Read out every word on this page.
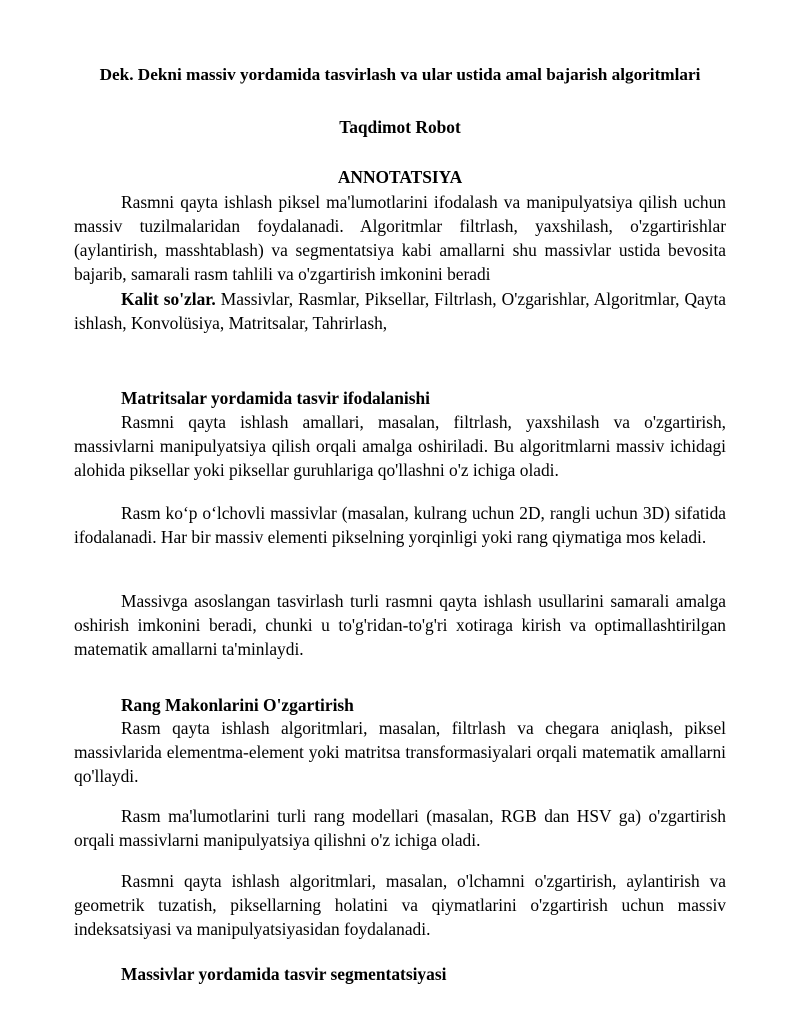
Dek. Dekni massiv yordamida tasvirlash va ular ustida amal bajarish algoritmlari
Taqdimot Robot
ANNOTATSIYA

Rasmni qayta ishlash piksel ma'lumotlarini ifodalash va manipulyatsiya qilish uchun massiv tuzilmalaridan foydalanadi. Algoritmlar filtrlash, yaxshilash, o'zgartirishlar (aylantirish, masshtablash) va segmentatsiya kabi amallarni shu massivlar ustida bevosita bajarib, samarali rasm tahlili va o'zgartirish imkonini beradi

Kalit so'zlar. Massivlar, Rasmlar, Piksellar, Filtrlash, O'zgarishlar, Algoritmlar, Qayta ishlash, Konvolüsiya, Matritsalar, Tahrirlash,

Matritsalar yordamida tasvir ifodalanishi

Rasmni qayta ishlash amallari, masalan, filtrlash, yaxshilash va o'zgartirish, massivlarni manipulyatsiya qilish orqali amalga oshiriladi. Bu algoritmlarni massiv ichidagi alohida piksellar yoki piksellar guruhlariga qo'llashni o'z ichiga oladi.

Rasm ko‘p o‘lchovli massivlar (masalan, kulrang uchun 2D, rangli uchun 3D) sifatida ifodalanadi. Har bir massiv elementi pikselning yorqinligi yoki rang qiymatiga mos keladi.

Massivga asoslangan tasvirlash turli rasmni qayta ishlash usullarini samarali amalga oshirish imkonini beradi, chunki u to'g'ridan-to'g'ri xotiraga kirish va optimallashtirilgan matematik amallarni ta'minlaydi.

Rang Makonlarini O'zgartirish

Rasm qayta ishlash algoritmlari, masalan, filtrlash va chegara aniqlash, piksel massivlarida elementma-element yoki matritsa transformasiyalari orqali matematik amallarni qo'llaydi.

Rasm ma'lumotlarini turli rang modellari (masalan, RGB dan HSV ga) o'zgartirish orqali massivlarni manipulyatsiya qilishni o'z ichiga oladi.

Rasmni qayta ishlash algoritmlari, masalan, o'lchamni o'zgartirish, aylantirish va geometrik tuzatish, piksellarning holatini va qiymatlarini o'zgartirish uchun massiv indeksatsiyasi va manipulyatsiyasidan foydalanadi.

Massivlar yordamida tasvir segmentatsiyasi
